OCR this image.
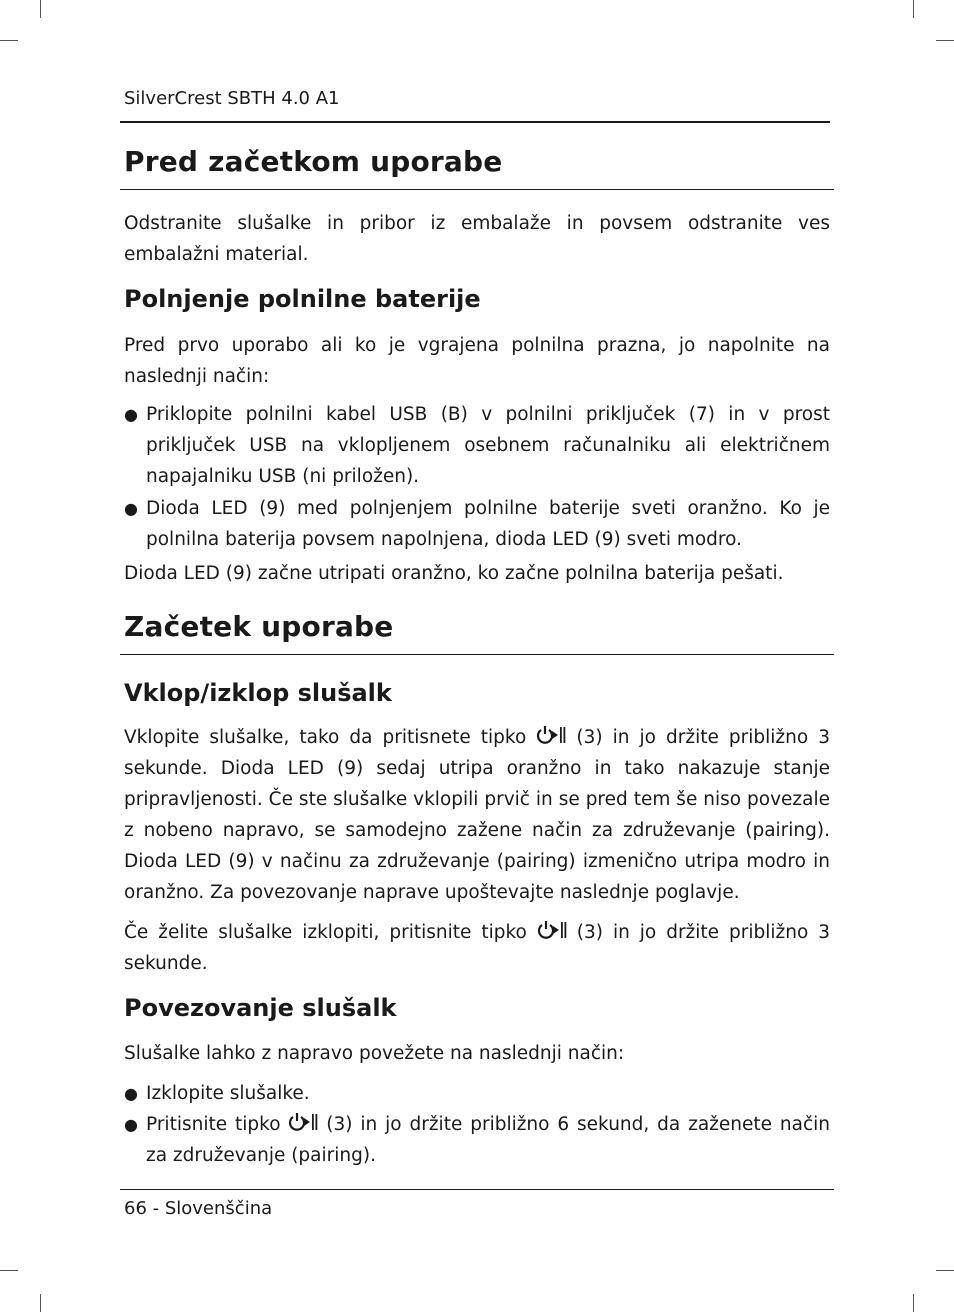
SilverCrest SBTH 4.0 A1
Pred začetkom uporabe
Odstranite slušalke in pribor iz embalaže in povsem odstranite ves embalažni material.
Polnjenje polnilne baterije
Pred prvo uporabo ali ko je vgrajena polnilna prazna, jo napolnite na naslednji način:
● Priklopite polnilni kabel USB (B) v polnilni priključek (7) in v prost priključek USB na vklopljenem osebnem računalniku ali električnem napajalniku USB (ni priložen).
● Dioda LED (9) med polnjenjem polnilne baterije sveti oranžno. Ko je polnilna baterija povsem napolnjena, dioda LED (9) sveti modro.
Dioda LED (9) začne utripati oranžno, ko začne polnilna baterija pešati.
Začetek uporabe
Vklop/izklop slušalk
Vklopite slušalke, tako da pritisnete tipko	(3) in jo držite približno 3 sekunde. Dioda LED (9) sedaj utripa oranžno in tako nakazuje stanje pripravljenosti. Če ste slušalke vklopili prvič in se pred tem še niso povezale z nobeno napravo, se samodejno zažene način za združevanje (pairing). Dioda LED (9) v načinu za združevanje (pairing) izmenično utripa modro in oranžno. Za povezovanje naprave upoštevajte naslednje poglavje.
Če želite slušalke izklopiti, pritisnite tipko	(3) in jo držite približno 3 sekunde.
Povezovanje slušalk
Slušalke lahko z napravo povežete na naslednji način:
● Izklopite slušalke.
● Pritisnite tipko (3) in jo držite približno 6 sekund, da zaženete način za združevanje (pairing).
66 - Slovenščina
